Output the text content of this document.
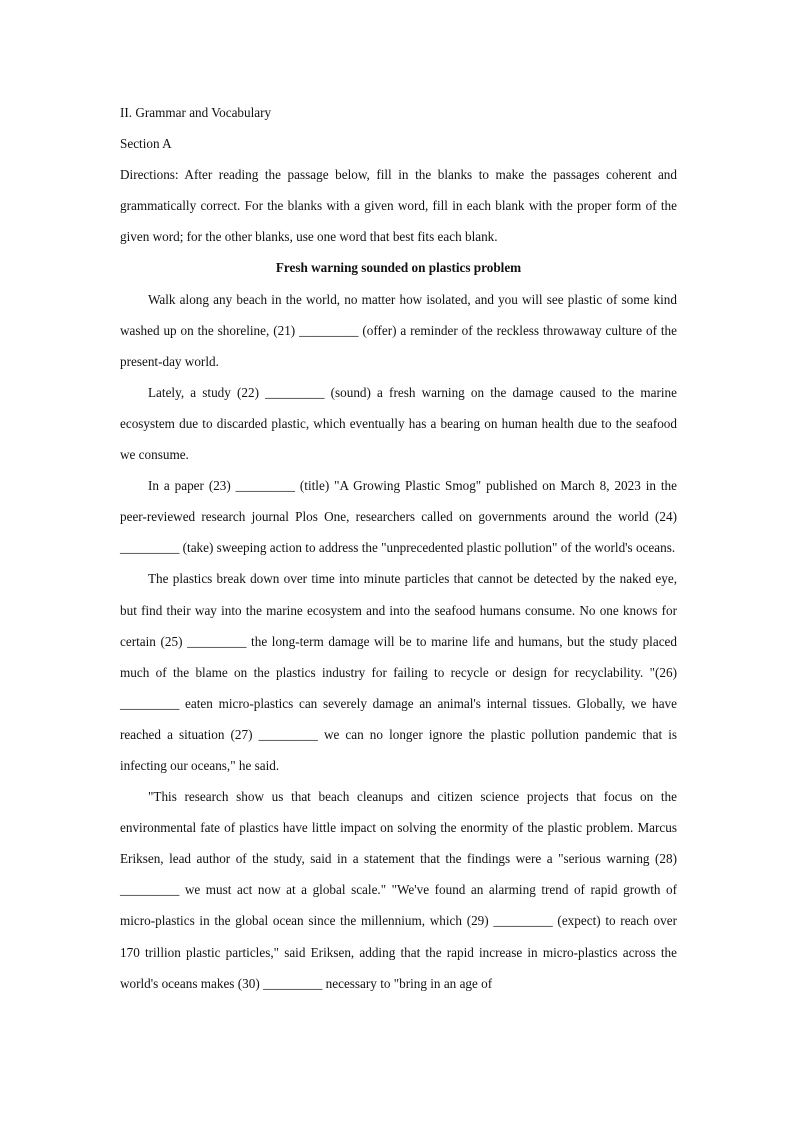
II. Grammar and Vocabulary

Section A

Directions: After reading the passage below, fill in the blanks to make the passages coherent and grammatically correct. For the blanks with a given word, fill in each blank with the proper form of the given word; for the other blanks, use one word that best fits each blank.

Fresh warning sounded on plastics problem

Walk along any beach in the world, no matter how isolated, and you will see plastic of some kind washed up on the shoreline, (21) _________ (offer) a reminder of the reckless throwaway culture of the present-day world.

Lately, a study (22) _________ (sound) a fresh warning on the damage caused to the marine ecosystem due to discarded plastic, which eventually has a bearing on human health due to the seafood we consume.

In a paper (23) _________ (title) "A Growing Plastic Smog" published on March 8, 2023 in the peer-reviewed research journal Plos One, researchers called on governments around the world (24) _________ (take) sweeping action to address the "unprecedented plastic pollution" of the world's oceans.

The plastics break down over time into minute particles that cannot be detected by the naked eye, but find their way into the marine ecosystem and into the seafood humans consume. No one knows for certain (25) _________ the long-term damage will be to marine life and humans, but the study placed much of the blame on the plastics industry for failing to recycle or design for recyclability. "(26) _________ eaten micro-plastics can severely damage an animal's internal tissues. Globally, we have reached a situation (27) _________ we can no longer ignore the plastic pollution pandemic that is infecting our oceans," he said.

"This research show us that beach cleanups and citizen science projects that focus on the environmental fate of plastics have little impact on solving the enormity of the plastic problem. Marcus Eriksen, lead author of the study, said in a statement that the findings were a "serious warning (28) _________ we must act now at a global scale." "We've found an alarming trend of rapid growth of micro-plastics in the global ocean since the millennium, which (29) _________ (expect) to reach over 170 trillion plastic particles," said Eriksen, adding that the rapid increase in micro-plastics across the world's oceans makes (30) _________ necessary to "bring in an age of
